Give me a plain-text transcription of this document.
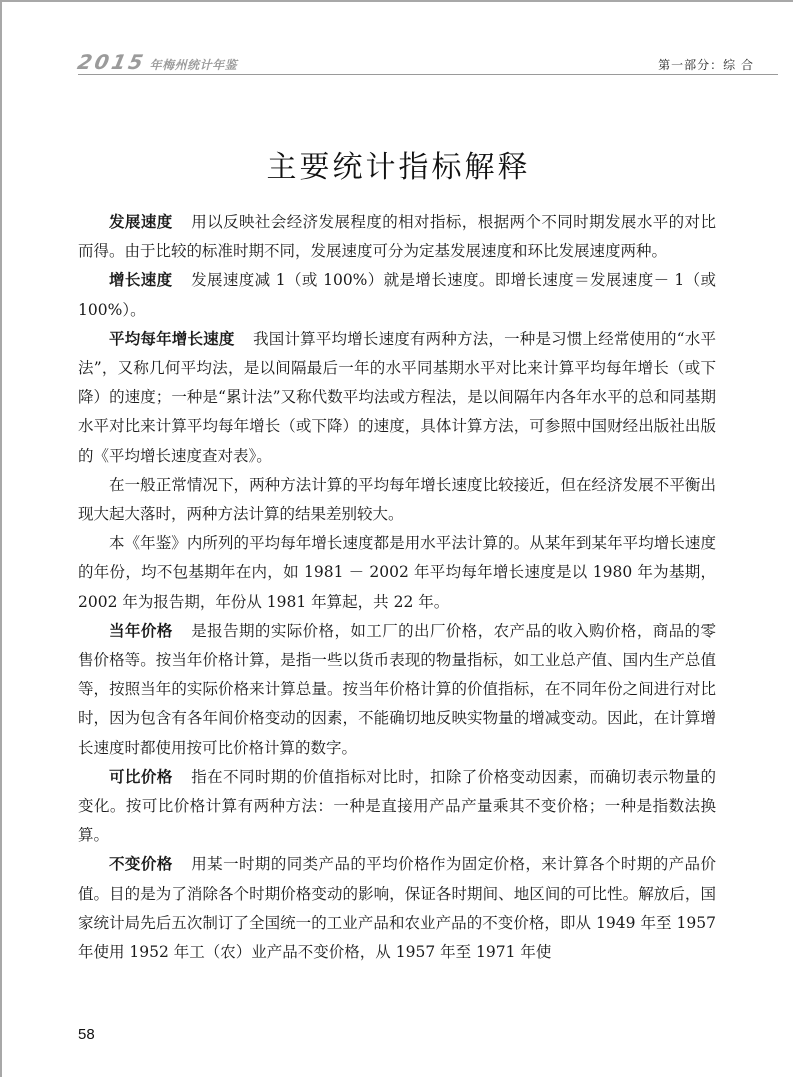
2015 年梅州统计年鉴	第一部分：综 合
主要统计指标解释

发展速度 用以反映社会经济发展程度的相对指标，根据两个不同时期发展水平的对比而得。由于比较的标准时期不同，发展速度可分为定基发展速度和环比发展速度两种。

增长速度 发展速度减 1（或 100%）就是增长速度。即增长速度＝发展速度－ 1（或 100%）。

平均每年增长速度 我国计算平均增长速度有两种方法，一种是习惯上经常使用的“水平法”，又称几何平均法，是以间隔最后一年的水平同基期水平对比来计算平均每年增长（或下降）的速度；一种是“累计法”又称代数平均法或方程法，是以间隔年内各年水平的总和同基期水平对比来计算平均每年增长（或下降）的速度，具体计算方法，可参照中国财经出版社出版的《平均增长速度查对表》。

在一般正常情况下，两种方法计算的平均每年增长速度比较接近，但在经济发展不平衡出现大起大落时，两种方法计算的结果差别较大。

本《年鉴》内所列的平均每年增长速度都是用水平法计算的。从某年到某年平均增长速度的年份，均不包基期年在内，如 1981 － 2002 年平均每年增长速度是以 1980 年为基期，2002 年为报告期，年份从 1981 年算起，共 22 年。

当年价格 是报告期的实际价格，如工厂的出厂价格，农产品的收入购价格，商品的零售价格等。按当年价格计算，是指一些以货币表现的物量指标，如工业总产值、国内生产总值等，按照当年的实际价格来计算总量。按当年价格计算的价值指标，在不同年份之间进行对比时，因为包含有各年间价格变动的因素，不能确切地反映实物量的增减变动。因此，在计算增长速度时都使用按可比价格计算的数字。

可比价格 指在不同时期的价值指标对比时，扣除了价格变动因素，而确切表示物量的变化。按可比价格计算有两种方法：一种是直接用产品产量乘其不变价格；一种是指数法换算。

不变价格 用某一时期的同类产品的平均价格作为固定价格，来计算各个时期的产品价值。目的是为了消除各个时期价格变动的影响，保证各时期间、地区间的可比性。解放后，国家统计局先后五次制订了全国统一的工业产品和农业产品的不变价格，即从 1949 年至 1957 年使用 1952 年工（农）业产品不变价格，从 1957 年至 1971 年使

58
